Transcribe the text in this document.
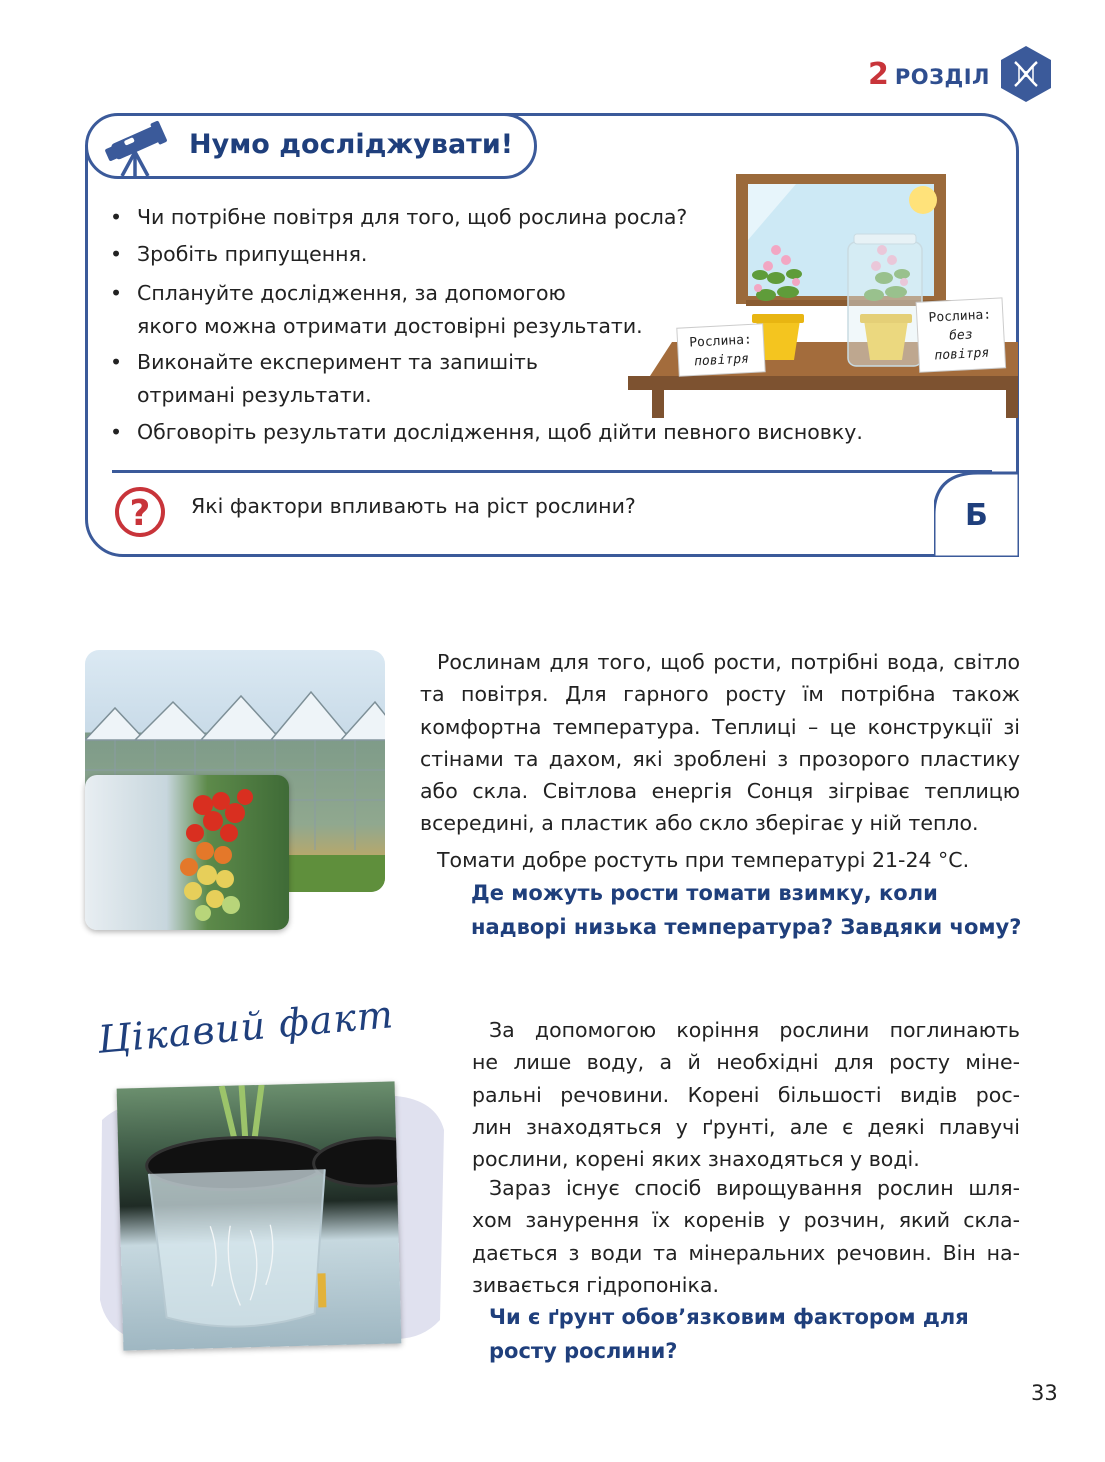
2 РОЗДІЛ
Нумо досліджувати!
• Чи потрібне повітря для того, щоб рослина росла?
• Зробіть припущення.
• Сплануйте дослідження, за допомогою
якого можна отримати достовірні результати.
• Виконайте експеримент та запишіть
отримані результати.
• Обговоріть результати дослідження, щоб дійти певного висновку.
Рослина:
повітря
Рослина:
без
повітря
? Які фактори впливають на ріст рослини?	Б
Рослинам для того, щоб рости, потрібні вода, світло
та повітря. Для гарного росту їм потрібна також
комфортна температура. Теплиці – це конструкції зі
стінами та дахом, які зроблені з прозорого пластику
або скла. Світлова енергія Сонця зігріває теплицю
всередині, а пластик або скло зберігає у ній тепло.
Томати добре ростуть при температурі 21-24 °С.
Де можуть рости томати взимку, коли
надворі низька температура? Завдяки чому?
Цікавий факт	За допомогою коріння рослини поглинають
не лише воду, а й необхідні для росту міне-
ральні речовини. Корені більшості видів рос-
лин знаходяться у ґрунті, але є деякі плавучі
рослини, корені яких знаходяться у воді.
Зараз існує спосіб вирощування рослин шля-
хом занурення їх коренів у розчин, який скла-
дається з води та мінеральних речовин. Він на-
зивається гідропоніка.
Чи є ґрунт обов’язковим фактором для
росту рослини?
33
